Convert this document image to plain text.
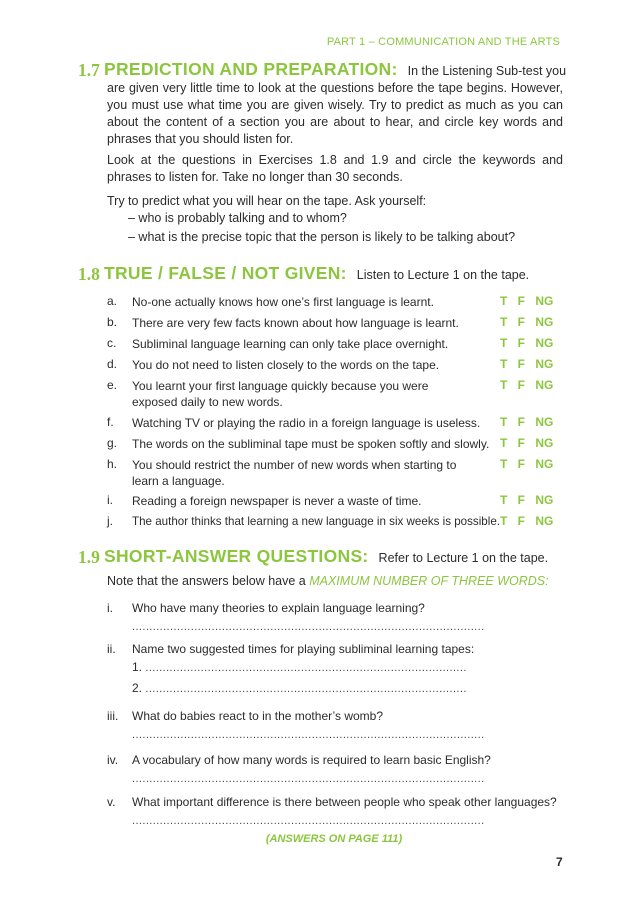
PART 1 – COMMUNICATION AND THE ARTS
1.7 PREDICTION AND PREPARATION: In the Listening Sub-test you
are given very little time to look at the questions before the tape begins. However,
you must use what time you are given wisely. Try to predict as much as you can
about the content of a section you are about to hear, and circle key words and
phrases that you should listen for.

Look at the questions in Exercises 1.8 and 1.9 and circle the keywords and phrases to listen for. Take no longer than 30 seconds.

Try to predict what you will hear on the tape. Ask yourself:

– who is probably talking and to whom?
– what is the precise topic that the person is likely to be talking about?
1.8 TRUE / FALSE / NOT GIVEN: Listen to Lecture 1 on the tape.
a. No-one actually knows how one’s first language is learnt.	T F NG
b. There are very few facts known about how language is learnt.	T F NG
c. Subliminal language learning can only take place overnight.	T F NG
d. You do not need to listen closely to the words on the tape.	T F NG
e. You learnt your first language quickly because you were exposed daily to new words.
T F NG
f. Watching TV or playing the radio in a foreign language is useless.	T F NG
g. The words on the subliminal tape must be spoken softly and slowly. T F NG
h. You should restrict the number of new words when starting to learn a language.
T F NG
i. Reading a foreign newspaper is never a waste of time.	T F NG
j. The author thinks that learning a new language in six weeks is possible. T F NG
1.9 SHORT-ANSWER QUESTIONS: Refer to Lecture 1 on the tape.
Note that the answers below have a MAXIMUM NUMBER OF THREE WORDS:
i. Who have many theories to explain language learning?
......................................................................................................
ii. Name two suggested times for playing subliminal learning tapes:
1. .............................................................................................
2. .............................................................................................
iii. What do babies react to in the mother’s womb?
......................................................................................................
iv. A vocabulary of how many words is required to learn basic English?
......................................................................................................
v. What important difference is there between people who speak other languages?
......................................................................................................
(ANSWERS ON PAGE 111)
7
